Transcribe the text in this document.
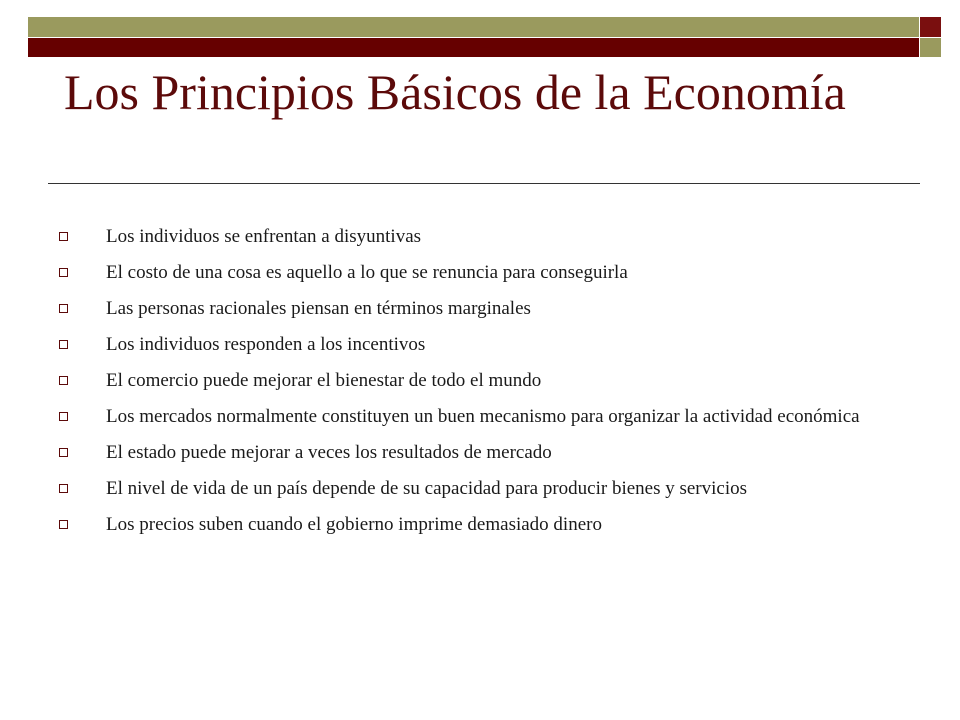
Los Principios Básicos de la Economía
Los individuos se enfrentan a disyuntivas
El costo de una cosa es aquello a lo que se renuncia para conseguirla
Las personas racionales piensan en términos marginales
Los individuos responden a los incentivos
El comercio puede mejorar el bienestar de todo el mundo
Los mercados normalmente constituyen un buen mecanismo para organizar la actividad económica
El estado puede mejorar a veces los resultados de mercado
El nivel de vida de un país depende de su capacidad para producir bienes y servicios
Los precios suben cuando el gobierno imprime demasiado dinero
